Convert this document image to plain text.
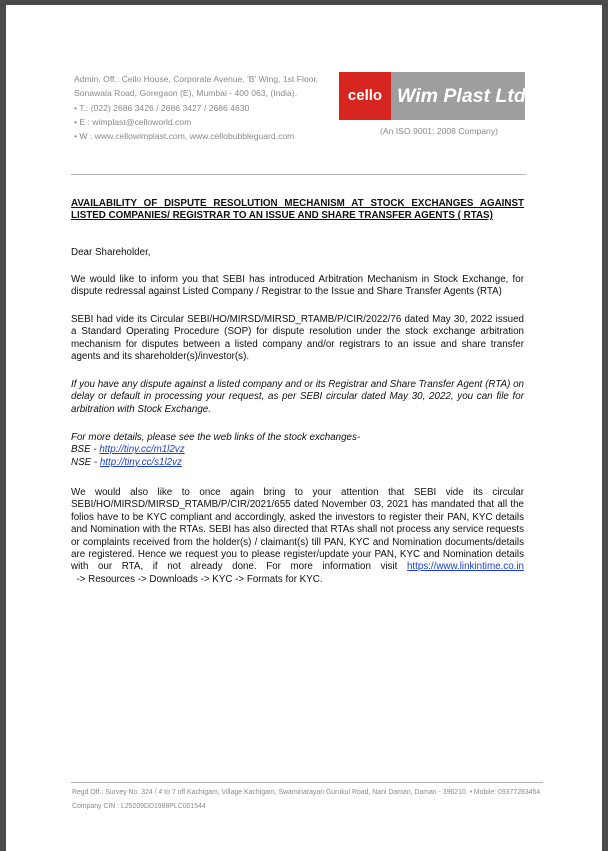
Admin. Off.: Cello House, Corporate Avenue, 'B' Wing, 1st Floor,
Sonawala Road, Goregaon (E), Mumbai - 400 063, (India).
• T.: (022) 2686 3426 / 2686 3427 / 2686 4630
• E : wimplast@celloworld.com
• W : www.cellowimplast.com, www.cellobubbleguard.com
cello Wim Plast Ltd.
(An ISO 9001: 2008 Company)
AVAILABILITY OF DISPUTE RESOLUTION MECHANISM AT STOCK EXCHANGES AGAINST LISTED COMPANIES/ REGISTRAR TO AN ISSUE AND SHARE TRANSFER AGENTS ( RTAS)

Dear Shareholder,

We would like to inform you that SEBI has introduced Arbitration Mechanism in Stock Exchange, for dispute redressal against Listed Company / Registrar to the Issue and Share Transfer Agents (RTA)

SEBI had vide its Circular SEBI/HO/MIRSD/MIRSD_RTAMB/P/CIR/2022/76 dated May 30, 2022 issued a Standard Operating Procedure (SOP) for dispute resolution under the stock exchange arbitration mechanism for disputes between a listed company and/or registrars to an issue and share transfer agents and its shareholder(s)/investor(s).

If you have any dispute against a listed company and or its Registrar and Share Transfer Agent (RTA) on delay or default in processing your request, as per SEBI circular dated May 30, 2022, you can file for arbitration with Stock Exchange.

For more details, please see the web links of the stock exchanges-
BSE - http://tiny.cc/m1l2vz
NSE - http://tiny.cc/s1l2vz

We would also like to once again bring to your attention that SEBI vide its circular SEBI/HO/MIRSD/MIRSD_RTAMB/P/CIR/2021/655 dated November 03, 2021 has mandated that all the folios have to be KYC compliant and accordingly, asked the investors to register their PAN, KYC details and Nomination with the RTAs. SEBI has also directed that RTAs shall not process any service requests or complaints received from the holder(s) / claimant(s) till PAN, KYC and Nomination documents/details are registered. Hence we request you to please register/update your PAN, KYC and Nomination details with our RTA, if not already done. For more information visit https://www.linkintime.co.in  -> Resources -> Downloads -> KYC -> Formats for KYC.

Regd Off.: Survey No. 324 / 4 to 7 off Kachigam, Village Kachigam, Swaminarayan Gurukul Road, Nani Daman, Daman - 396210. • Mobile: 09377283454
Company CIN : L25209DD1988PLC001544
